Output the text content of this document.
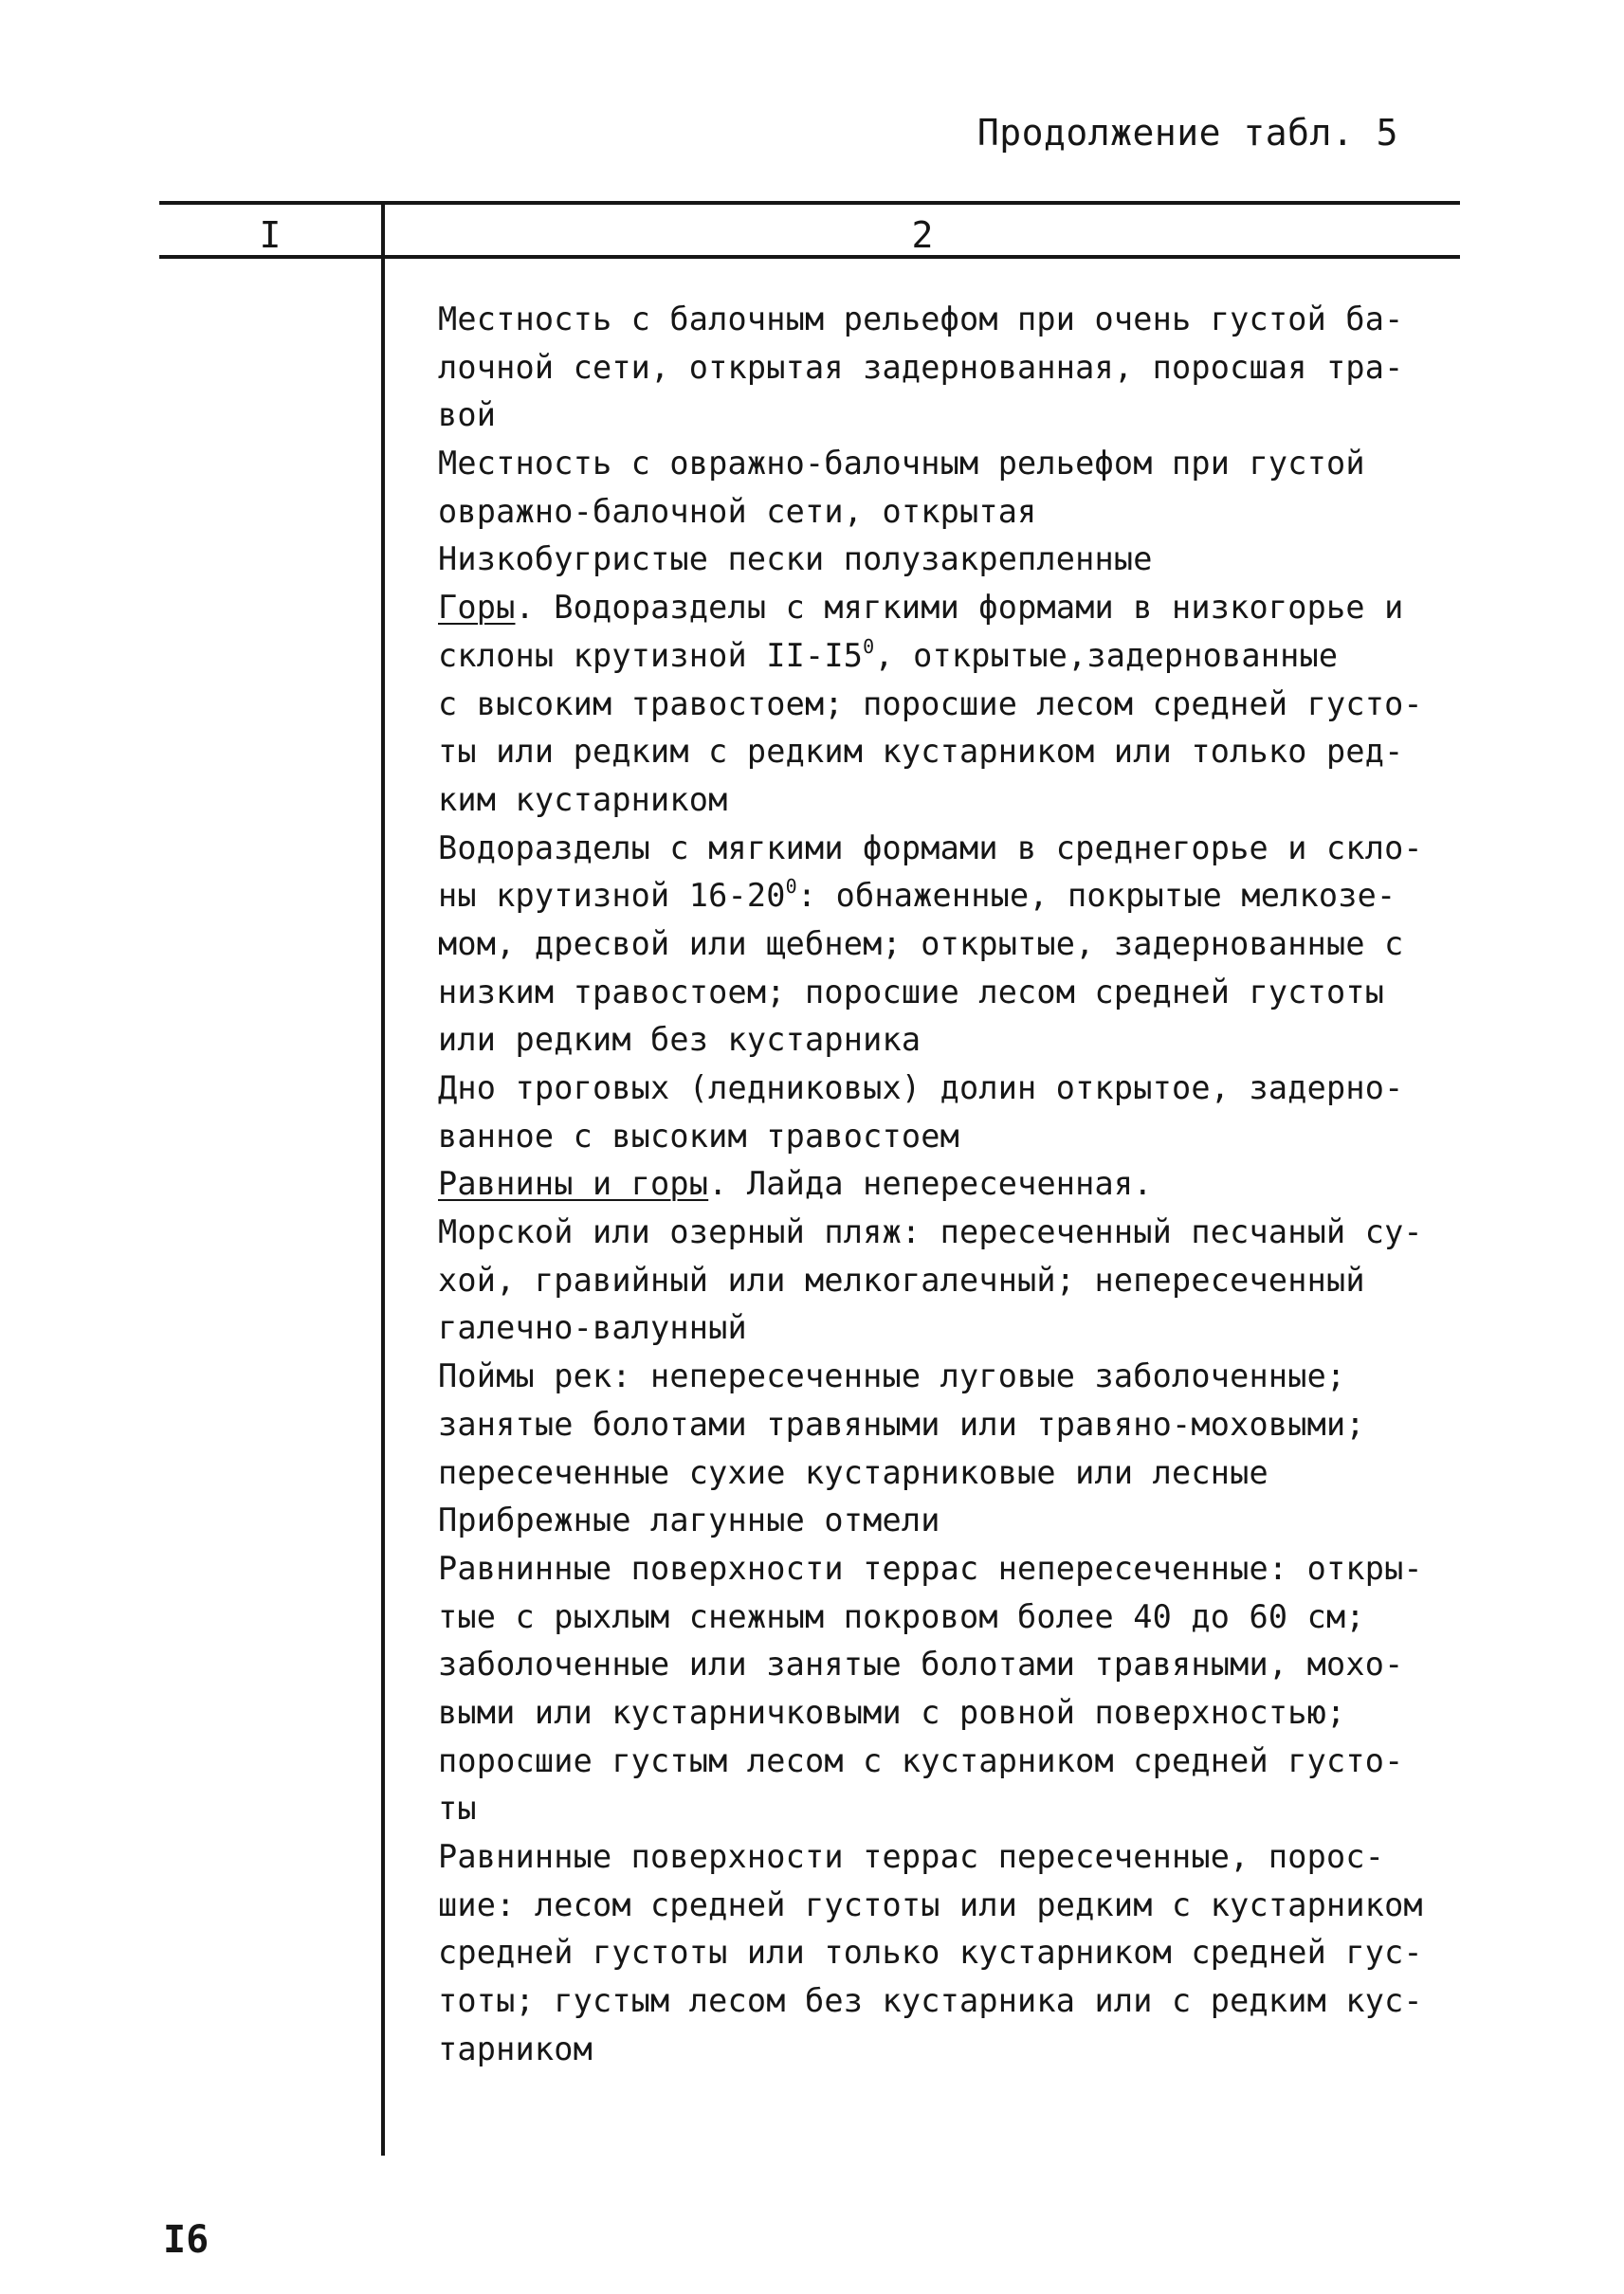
Продолжение табл. 5
I	2
Местность с балочным рельефом при очень густой ба-
лочной сети, открытая задернованная, поросшая тра-
вой
Местность с овражно-балочным рельефом при густой
овражно-балочной сети, открытая
Низкобугристые пески полузакрепленные
Горы. Водоразделы с мягкими формами в низкогорье и
склоны крутизной $II-I5^0$, открытые,задернованные
с высоким травостоем; поросшие лесом средней густо-
ты или редким с редким кустарником или только ред-
ким кустарником
Водоразделы с мягкими формами в среднегорье и скло-
ны крутизной $16-20^0$: обнаженные, покрытые мелкозе-
мом, дресвой или щебнем; открытые, задернованные с
низким травостоем; поросшие лесом средней густоты
или редким без кустарника
Дно троговых (ледниковых) долин открытое, задерно-
ванное с высоким травостоем
Равнины и горы. Лайда непересеченная.
Морской или озерный пляж: пересеченный песчаный су-
хой, гравийный или мелкогалечный; непересеченный
галечно-валунный
Поймы рек: непересеченные луговые заболоченные;
занятые болотами травяными или травяно-моховыми;
пересеченные сухие кустарниковые или лесные
Прибрежные лагунные отмели
Равнинные поверхности террас непересеченные: откры-
тые с рыхлым снежным покровом более 40 до 60 см;
заболоченные или занятые болотами травяными, мохо-
выми или кустарничковыми с ровной поверхностью;
поросшие густым лесом с кустарником средней густо-
ты
Равнинные поверхности террас пересеченные, порос-
шие: лесом средней густоты или редким с кустарником
средней густоты или только кустарником средней гус-
тоты; густым лесом без кустарника или с редким кус-
тарником
I6
